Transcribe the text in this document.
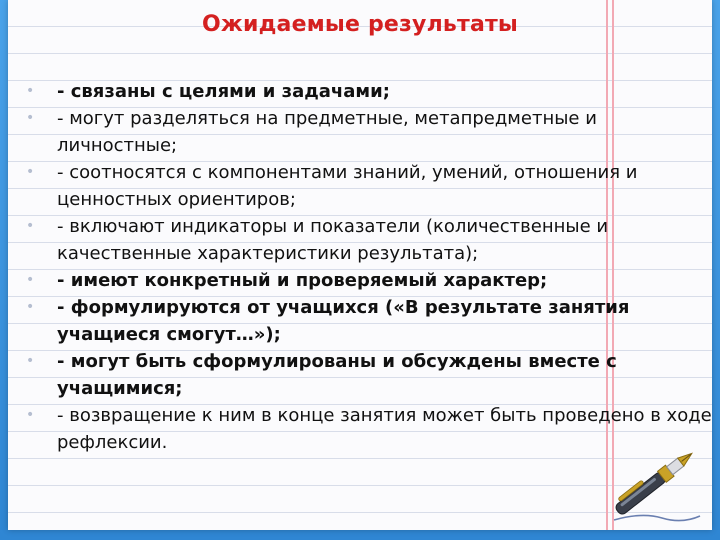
Ожидаемые результаты
• - связаны с целями и задачами;
• - могут разделяться на предметные, метапредметные и личностные;
• - соотносятся с компонентами знаний, умений, отношения и ценностных ориентиров;
• - включают индикаторы и показатели (количественные и качественные характеристики результата);
• - имеют конкретный и проверяемый характер;
• - формулируются от учащихся («В результате занятия учащиеся смогут…»);
• - могут быть сформулированы и обсуждены вместе с учащимися;
• - возвращение к ним в конце занятия может быть проведено в ходе рефлексии.
